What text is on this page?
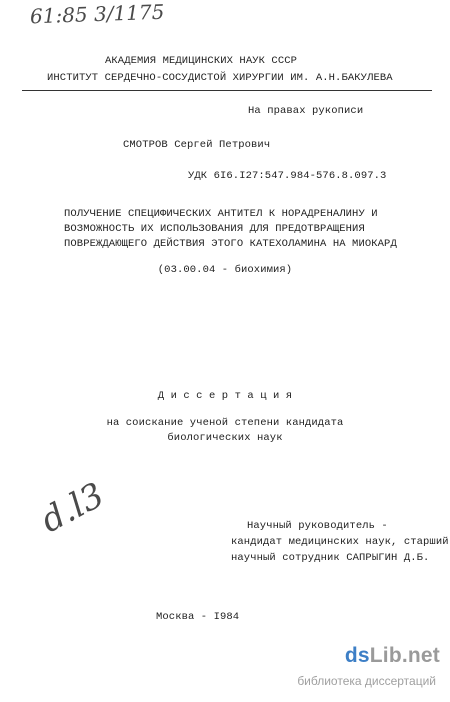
61:85 3/1175
АКАДЕМИЯ МЕДИЦИНСКИХ НАУК СССР
ИНСТИТУТ СЕРДЕЧНО-СОСУДИСТОЙ ХИРУРГИИ ИМ. А.Н.БАКУЛЕВА
На правах рукописи
СМОТРОВ Сергей Петрович
УДК 6I6.I27:547.984-576.8.097.3
ПОЛУЧЕНИЕ СПЕЦИФИЧЕСКИХ АНТИТЕЛ К НОРАДРЕНАЛИНУ И
ВОЗМОЖНОСТЬ ИХ ИСПОЛЬЗОВАНИЯ ДЛЯ ПРЕДОТВРАЩЕНИЯ
ПОВРЕЖДАЮЩЕГО ДЕЙСТВИЯ ЭТОГО КАТЕХОЛАМИНА НА МИОКАРД
(03.00.04 - биохимия)
Д и с с е р т а ц и я
на соискание ученой степени кандидата
биологических наук
d.l3	Научный руководитель -
кандидат медицинских наук, старший
научный сотрудник САПРЫГИН Д.Б.
Москва - I984
dsLib.net
библиотека диссертаций
